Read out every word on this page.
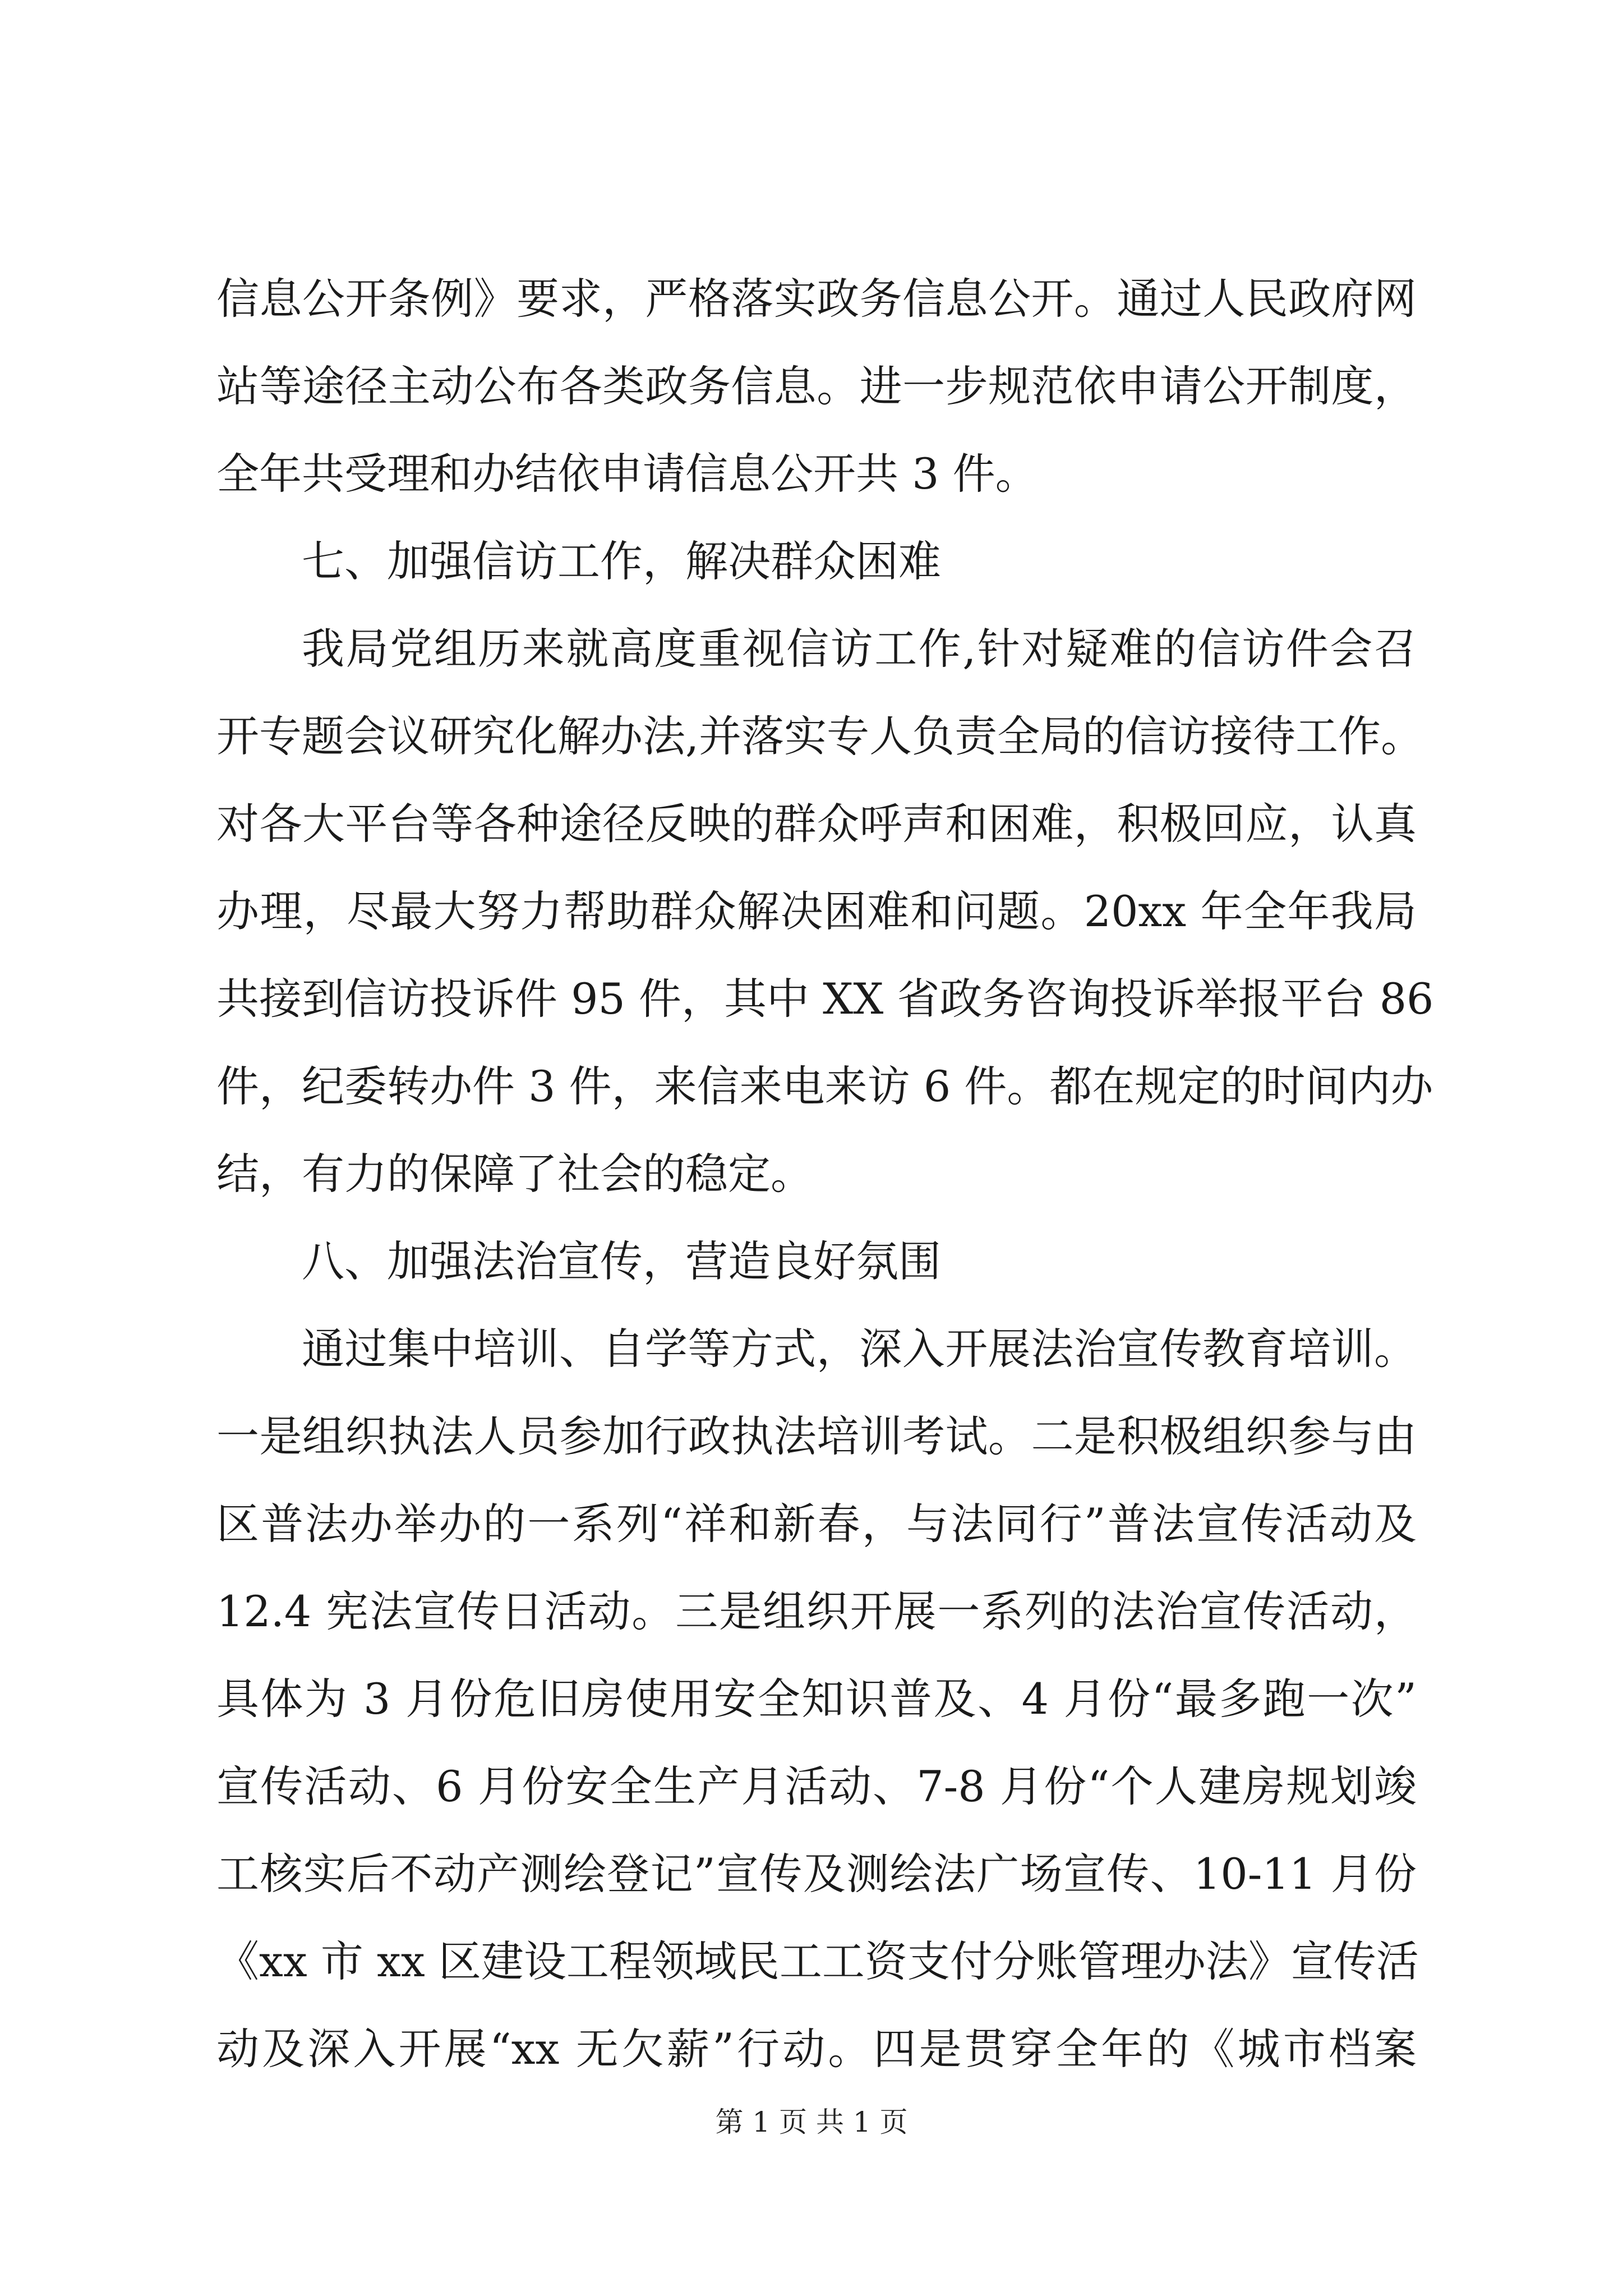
信息公开条例》要求，严格落实政务信息公开。通过人民政府网
站等途径主动公布各类政务信息。进一步规范依申请公开制度，
全年共受理和办结依申请信息公开共 3 件。
七、加强信访工作，解决群众困难
我局党组历来就高度重视信访工作,针对疑难的信访件会召
开专题会议研究化解办法,并落实专人负责全局的信访接待工作。
对各大平台等各种途径反映的群众呼声和困难，积极回应，认真
办理，尽最大努力帮助群众解决困难和问题。20xx 年全年我局
共接到信访投诉件 95 件，其中 XX 省政务咨询投诉举报平台 86
件，纪委转办件 3 件，来信来电来访 6 件。都在规定的时间内办
结，有力的保障了社会的稳定。
八、加强法治宣传，营造良好氛围
通过集中培训、自学等方式，深入开展法治宣传教育培训。
一是组织执法人员参加行政执法培训考试。二是积极组织参与由
区普法办举办的一系列“祥和新春，与法同行”普法宣传活动及
12.4 宪法宣传日活动。三是组织开展一系列的法治宣传活动，
具体为 3 月份危旧房使用安全知识普及、4 月份“最多跑一次”
宣传活动、6 月份安全生产月活动、7-8 月份“个人建房规划竣
工核实后不动产测绘登记”宣传及测绘法广场宣传、10-11 月份
《xx 市 xx 区建设工程领域民工工资支付分账管理办法》宣传活
动及深入开展“xx 无欠薪”行动。四是贯穿全年的《城市档案
第 1 页 共 1 页
